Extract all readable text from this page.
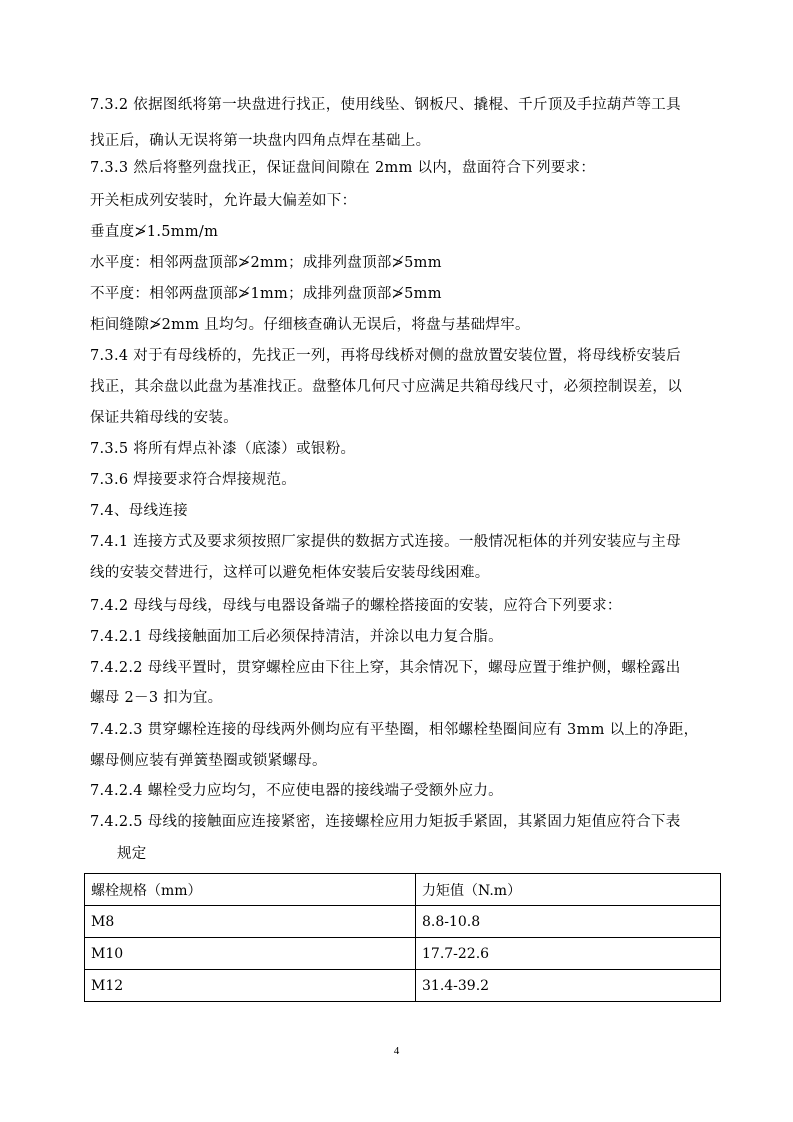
7.3.2 依据图纸将第一块盘进行找正，使用线坠、钢板尺、撬棍、千斤顶及手拉葫芦等工具
找正后，确认无误将第一块盘内四角点焊在基础上。
7.3.3 然后将整列盘找正，保证盘间间隙在 2mm 以内，盘面符合下列要求：
开关柜成列安装时，允许最大偏差如下：
垂直度≯1.5mm/m
水平度：相邻两盘顶部≯2mm；成排列盘顶部≯5mm
不平度：相邻两盘顶部≯1mm；成排列盘顶部≯5mm
柜间缝隙≯2mm 且均匀。仔细核查确认无误后，将盘与基础焊牢。
7.3.4 对于有母线桥的，先找正一列，再将母线桥对侧的盘放置安装位置，将母线桥安装后
找正，其余盘以此盘为基准找正。盘整体几何尺寸应满足共箱母线尺寸，必须控制误差，以
保证共箱母线的安装。
7.3.5 将所有焊点补漆（底漆）或银粉。
7.3.6 焊接要求符合焊接规范。
7.4、母线连接
7.4.1 连接方式及要求须按照厂家提供的数据方式连接。一般情况柜体的并列安装应与主母
线的安装交替进行，这样可以避免柜体安装后安装母线困难。
7.4.2 母线与母线，母线与电器设备端子的螺栓搭接面的安装，应符合下列要求：
7.4.2.1 母线接触面加工后必须保持清洁，并涂以电力复合脂。
7.4.2.2 母线平置时，贯穿螺栓应由下往上穿，其余情况下，螺母应置于维护侧，螺栓露出
螺母 2－3 扣为宜。
7.4.2.3 贯穿螺栓连接的母线两外侧均应有平垫圈，相邻螺栓垫圈间应有 3mm 以上的净距，
螺母侧应装有弹簧垫圈或锁紧螺母。
7.4.2.4 螺栓受力应均匀，不应使电器的接线端子受额外应力。
7.4.2.5 母线的接触面应连接紧密，连接螺栓应用力矩扳手紧固，其紧固力矩值应符合下表
规定
螺栓规格（mm）	力矩值（N.m）
M8	8.8-10.8
M10	17.7-22.6
M12	31.4-39.2
4
